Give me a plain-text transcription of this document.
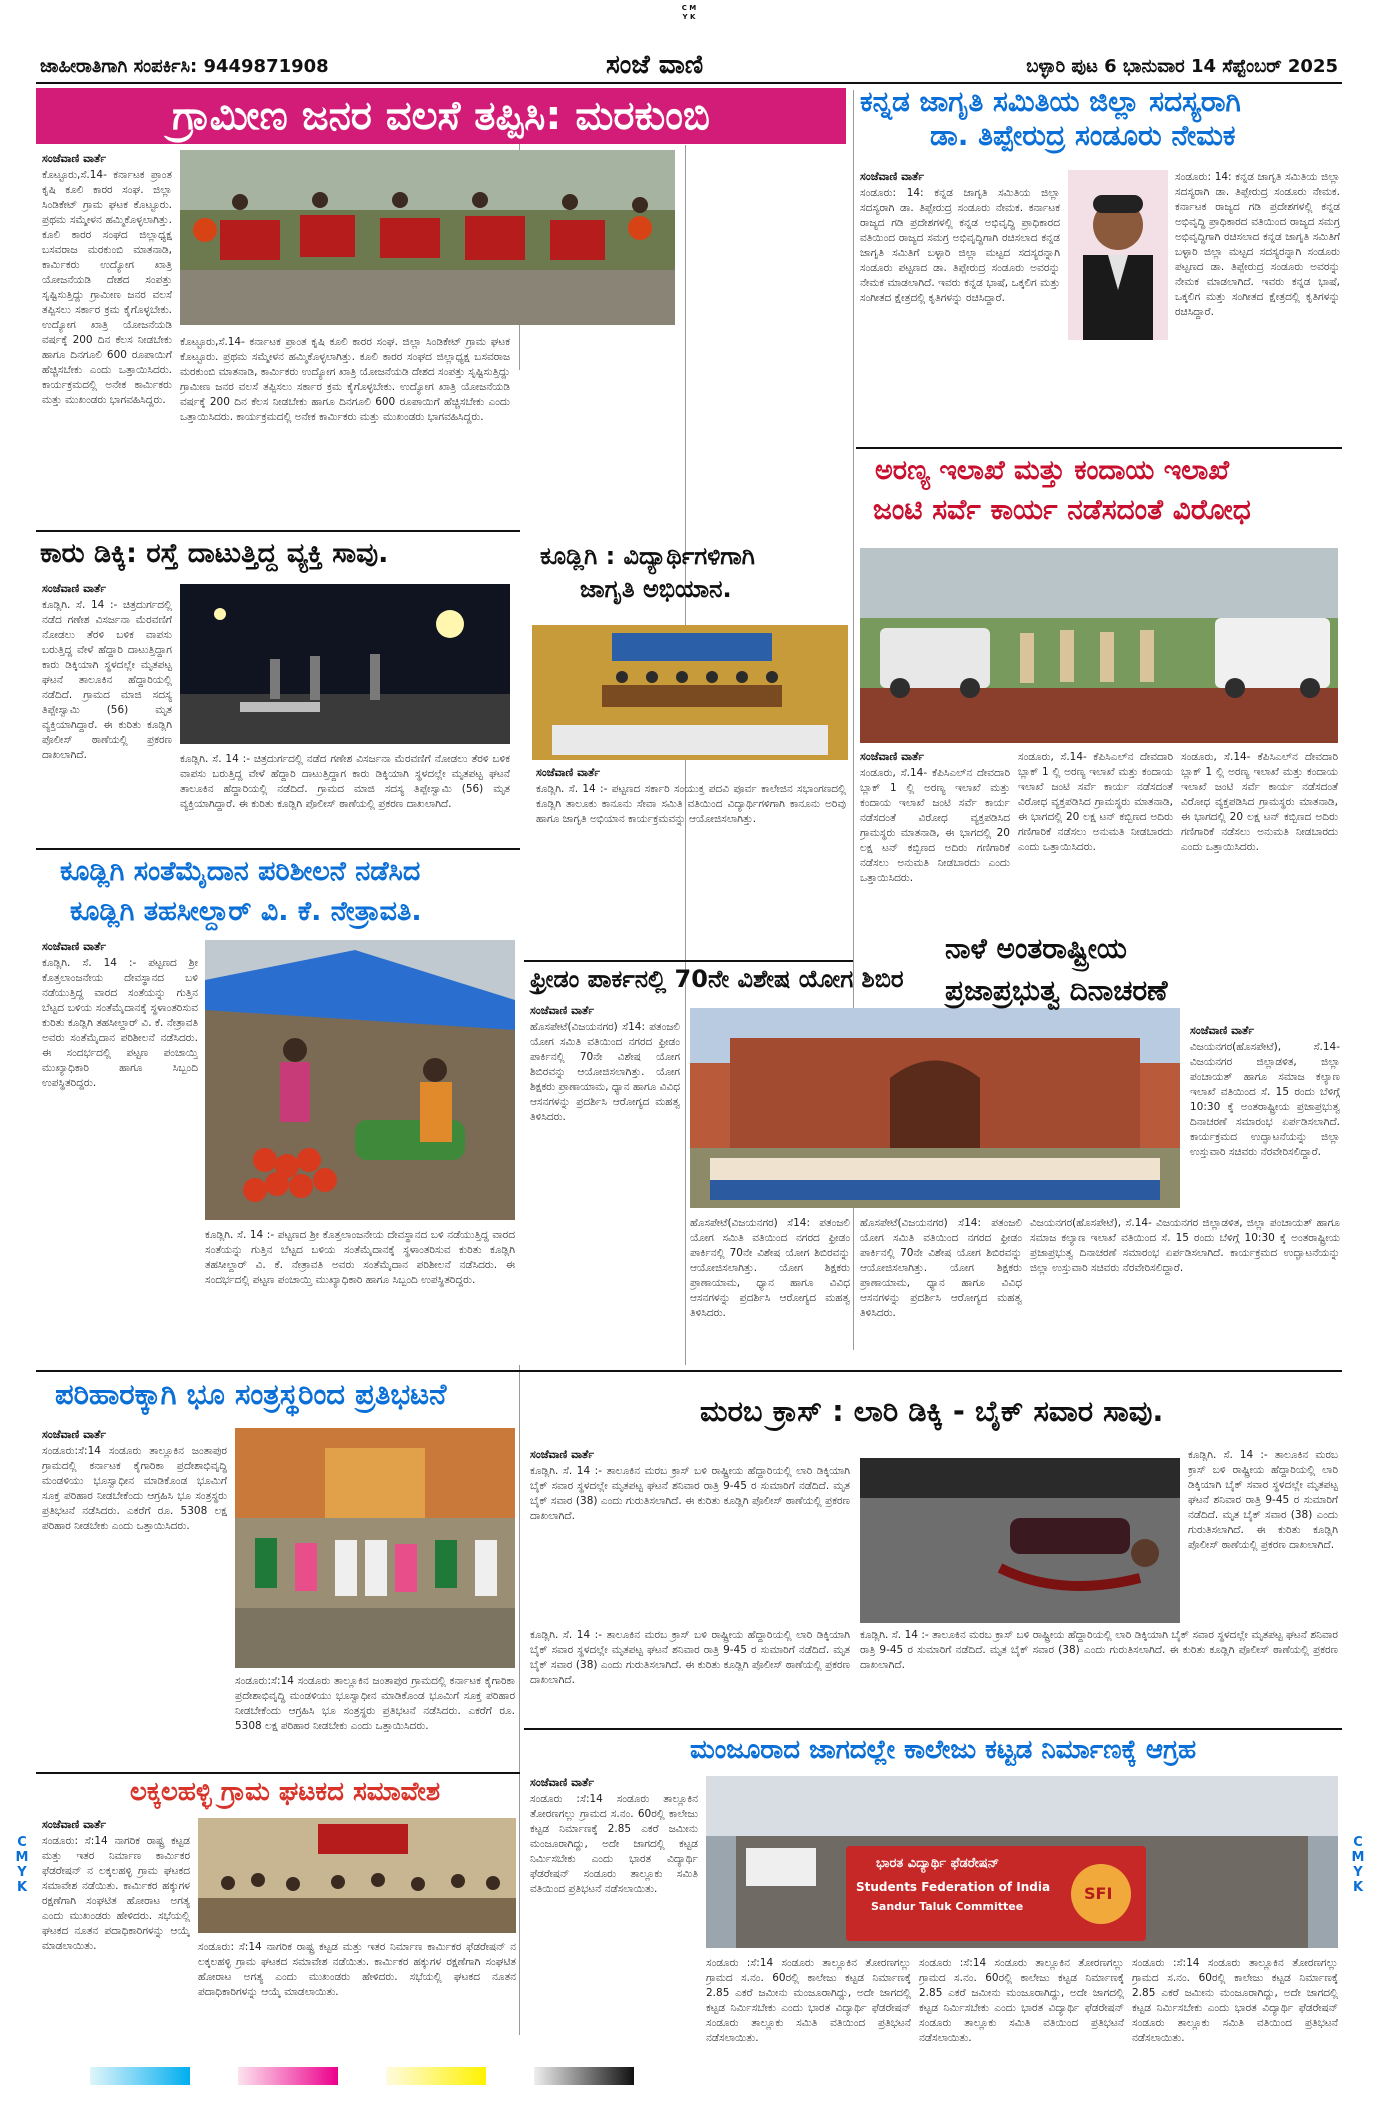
C M Y K
C M Y K
C M Y K
ಜಾಹೀರಾತಿಗಾಗಿ ಸಂಪರ್ಕಿಸಿ: 9449871908	ಸಂಜೆ ವಾಣಿ	ಬಳ್ಳಾರಿ ಪುಟ 6 ಭಾನುವಾರ 14 ಸೆಪ್ಟೆಂಬರ್ 2025
ಗ್ರಾಮೀಣ ಜನರ ವಲಸೆ ತಪ್ಪಿಸಿ: ಮರಕುಂಬಿ
ಸಂಜೆವಾಣಿ ವಾರ್ತೆ
ಕೊಟ್ಟೂರು,ಸೆ.14- ಕರ್ನಾಟಕ ಪ್ರಾಂತ ಕೃಷಿ ಕೂಲಿ ಕಾರರ ಸಂಘ. ಜಿಲ್ಲಾ ಸಿಂಡಿಕೇಟ್ ಗ್ರಾಮ ಘಟಕ ಕೊಟ್ಟೂರು. ಪ್ರಥಮ ಸಮ್ಮೇಳನ ಹಮ್ಮಿಕೊಳ್ಳಲಾಗಿತ್ತು. ಕೂಲಿ ಕಾರರ ಸಂಘದ ಜಿಲ್ಲಾಧ್ಯಕ್ಷ ಬಸವರಾಜ ಮರಕುಂಬಿ ಮಾತನಾಡಿ, ಕಾರ್ಮಿಕರು ಉದ್ಯೋಗ ಖಾತ್ರಿ ಯೋಜನೆಯಡಿ ದೇಶದ ಸಂಪತ್ತು ಸೃಷ್ಟಿಸುತ್ತಿದ್ದು ಗ್ರಾಮೀಣ ಜನರ ವಲಸೆ ತಪ್ಪಿಸಲು ಸರ್ಕಾರ ಕ್ರಮ ಕೈಗೊಳ್ಳಬೇಕು. ಉದ್ಯೋಗ ಖಾತ್ರಿ ಯೋಜನೆಯಡಿ ವರ್ಷಕ್ಕೆ 200 ದಿನ ಕೆಲಸ ನೀಡಬೇಕು ಹಾಗೂ ದಿನಗೂಲಿ 600 ರೂಪಾಯಿಗೆ ಹೆಚ್ಚಿಸಬೇಕು ಎಂದು ಒತ್ತಾಯಿಸಿದರು. ಕಾರ್ಯಕ್ರಮದಲ್ಲಿ ಅನೇಕ ಕಾರ್ಮಿಕರು ಮತ್ತು ಮುಖಂಡರು ಭಾಗವಹಿಸಿದ್ದರು.
ಕೊಟ್ಟೂರು,ಸೆ.14- ಕರ್ನಾಟಕ ಪ್ರಾಂತ ಕೃಷಿ ಕೂಲಿ ಕಾರರ ಸಂಘ. ಜಿಲ್ಲಾ ಸಿಂಡಿಕೇಟ್ ಗ್ರಾಮ ಘಟಕ ಕೊಟ್ಟೂರು. ಪ್ರಥಮ ಸಮ್ಮೇಳನ ಹಮ್ಮಿಕೊಳ್ಳಲಾಗಿತ್ತು. ಕೂಲಿ ಕಾರರ ಸಂಘದ ಜಿಲ್ಲಾಧ್ಯಕ್ಷ ಬಸವರಾಜ ಮರಕುಂಬಿ ಮಾತನಾಡಿ, ಕಾರ್ಮಿಕರು ಉದ್ಯೋಗ ಖಾತ್ರಿ ಯೋಜನೆಯಡಿ ದೇಶದ ಸಂಪತ್ತು ಸೃಷ್ಟಿಸುತ್ತಿದ್ದು ಗ್ರಾಮೀಣ ಜನರ ವಲಸೆ ತಪ್ಪಿಸಲು ಸರ್ಕಾರ ಕ್ರಮ ಕೈಗೊಳ್ಳಬೇಕು. ಉದ್ಯೋಗ ಖಾತ್ರಿ ಯೋಜನೆಯಡಿ ವರ್ಷಕ್ಕೆ 200 ದಿನ ಕೆಲಸ ನೀಡಬೇಕು ಹಾಗೂ ದಿನಗೂಲಿ 600 ರೂಪಾಯಿಗೆ ಹೆಚ್ಚಿಸಬೇಕು ಎಂದು ಒತ್ತಾಯಿಸಿದರು. ಕಾರ್ಯಕ್ರಮದಲ್ಲಿ ಅನೇಕ ಕಾರ್ಮಿಕರು ಮತ್ತು ಮುಖಂಡರು ಭಾಗವಹಿಸಿದ್ದರು.
ಕನ್ನಡ ಜಾಗೃತಿ ಸಮಿತಿಯ ಜಿಲ್ಲಾ ಸದಸ್ಯರಾಗಿ
ಡಾ. ತಿಪ್ಪೇರುದ್ರ ಸಂಡೂರು ನೇಮಕ
ಸಂಜೆವಾಣಿ ವಾರ್ತೆ
ಸಂಡೂರು: 14: ಕನ್ನಡ ಜಾಗೃತಿ ಸಮಿತಿಯ ಜಿಲ್ಲಾ ಸದಸ್ಯರಾಗಿ ಡಾ. ತಿಪ್ಪೇರುದ್ರ ಸಂಡೂರು ನೇಮಕ. ಕರ್ನಾಟಕ ರಾಜ್ಯದ ಗಡಿ ಪ್ರದೇಶಗಳಲ್ಲಿ ಕನ್ನಡ ಅಭಿವೃದ್ಧಿ ಪ್ರಾಧಿಕಾರದ ವತಿಯಿಂದ ರಾಜ್ಯದ ಸಮಗ್ರ ಅಭಿವೃದ್ಧಿಗಾಗಿ ರಚಿಸಲಾದ ಕನ್ನಡ ಜಾಗೃತಿ ಸಮಿತಿಗೆ ಬಳ್ಳಾರಿ ಜಿಲ್ಲಾ ಮಟ್ಟದ ಸದಸ್ಯರನ್ನಾಗಿ ಸಂಡೂರು ಪಟ್ಟಣದ ಡಾ. ತಿಪ್ಪೇರುದ್ರ ಸಂಡೂರು ಅವರನ್ನು ನೇಮಕ ಮಾಡಲಾಗಿದೆ. ಇವರು ಕನ್ನಡ ಭಾಷೆ, ಒಕ್ಕಲಿಗ ಮತ್ತು ಸಂಗೀತದ ಕ್ಷೇತ್ರದಲ್ಲಿ ಕೃತಿಗಳನ್ನು ರಚಿಸಿದ್ದಾರೆ.
ಸಂಡೂರು: 14: ಕನ್ನಡ ಜಾಗೃತಿ ಸಮಿತಿಯ ಜಿಲ್ಲಾ ಸದಸ್ಯರಾಗಿ ಡಾ. ತಿಪ್ಪೇರುದ್ರ ಸಂಡೂರು ನೇಮಕ. ಕರ್ನಾಟಕ ರಾಜ್ಯದ ಗಡಿ ಪ್ರದೇಶಗಳಲ್ಲಿ ಕನ್ನಡ ಅಭಿವೃದ್ಧಿ ಪ್ರಾಧಿಕಾರದ ವತಿಯಿಂದ ರಾಜ್ಯದ ಸಮಗ್ರ ಅಭಿವೃದ್ಧಿಗಾಗಿ ರಚಿಸಲಾದ ಕನ್ನಡ ಜಾಗೃತಿ ಸಮಿತಿಗೆ ಬಳ್ಳಾರಿ ಜಿಲ್ಲಾ ಮಟ್ಟದ ಸದಸ್ಯರನ್ನಾಗಿ ಸಂಡೂರು ಪಟ್ಟಣದ ಡಾ. ತಿಪ್ಪೇರುದ್ರ ಸಂಡೂರು ಅವರನ್ನು ನೇಮಕ ಮಾಡಲಾಗಿದೆ. ಇವರು ಕನ್ನಡ ಭಾಷೆ, ಒಕ್ಕಲಿಗ ಮತ್ತು ಸಂಗೀತದ ಕ್ಷೇತ್ರದಲ್ಲಿ ಕೃತಿಗಳನ್ನು ರಚಿಸಿದ್ದಾರೆ.
ಕಾರು ಡಿಕ್ಕಿ: ರಸ್ತೆ ದಾಟುತ್ತಿದ್ದ ವ್ಯಕ್ತಿ ಸಾವು.
ಸಂಜೆವಾಣಿ ವಾರ್ತೆ
ಕೂಡ್ಲಿಗಿ. ಸೆ. 14 :- ಚಿತ್ರದುರ್ಗದಲ್ಲಿ ನಡೆದ ಗಣೇಶ ವಿಸರ್ಜನಾ ಮೆರವಣಿಗೆ ನೋಡಲು ತೆರಳಿ ಬಳಿಕ ವಾಪಸು ಬರುತ್ತಿದ್ದ ವೇಳೆ ಹೆದ್ದಾರಿ ದಾಟುತ್ತಿದ್ದಾಗ ಕಾರು ಡಿಕ್ಕಿಯಾಗಿ ಸ್ಥಳದಲ್ಲೇ ಮೃತಪಟ್ಟ ಘಟನೆ ತಾಲೂಕಿನ ಹೆದ್ದಾರಿಯಲ್ಲಿ ನಡೆದಿದೆ. ಗ್ರಾಮದ ಮಾಜಿ ಸದಸ್ಯ ತಿಪ್ಪೇಸ್ವಾಮಿ (56) ಮೃತ ವ್ಯಕ್ತಿಯಾಗಿದ್ದಾರೆ. ಈ ಕುರಿತು ಕೂಡ್ಲಿಗಿ ಪೊಲೀಸ್ ಠಾಣೆಯಲ್ಲಿ ಪ್ರಕರಣ ದಾಖಲಾಗಿದೆ.	ಕೂಡ್ಲಿಗಿ. ಸೆ. 14 :- ಚಿತ್ರದುರ್ಗದಲ್ಲಿ ನಡೆದ ಗಣೇಶ ವಿಸರ್ಜನಾ ಮೆರವಣಿಗೆ ನೋಡಲು ತೆರಳಿ ಬಳಿಕ ವಾಪಸು ಬರುತ್ತಿದ್ದ ವೇಳೆ ಹೆದ್ದಾರಿ ದಾಟುತ್ತಿದ್ದಾಗ ಕಾರು ಡಿಕ್ಕಿಯಾಗಿ ಸ್ಥಳದಲ್ಲೇ ಮೃತಪಟ್ಟ ಘಟನೆ ತಾಲೂಕಿನ ಹೆದ್ದಾರಿಯಲ್ಲಿ ನಡೆದಿದೆ. ಗ್ರಾಮದ ಮಾಜಿ ಸದಸ್ಯ ತಿಪ್ಪೇಸ್ವಾಮಿ (56) ಮೃತ ವ್ಯಕ್ತಿಯಾಗಿದ್ದಾರೆ. ಈ ಕುರಿತು ಕೂಡ್ಲಿಗಿ ಪೊಲೀಸ್ ಠಾಣೆಯಲ್ಲಿ ಪ್ರಕರಣ ದಾಖಲಾಗಿದೆ.
ಕೂಡ್ಲಿಗಿ : ವಿದ್ಯಾರ್ಥಿಗಳಿಗಾಗಿ
ಜಾಗೃತಿ ಅಭಿಯಾನ.
ಸಂಜೆವಾಣಿ ವಾರ್ತೆ
ಕೂಡ್ಲಿಗಿ. ಸೆ. 14 :- ಪಟ್ಟಣದ ಸರ್ಕಾರಿ ಸಂಯುಕ್ತ ಪದವಿ ಪೂರ್ವ ಕಾಲೇಜಿನ ಸಭಾಂಗಣದಲ್ಲಿ ಕೂಡ್ಲಿಗಿ ತಾಲೂಕು ಕಾನೂನು ಸೇವಾ ಸಮಿತಿ ವತಿಯಿಂದ ವಿದ್ಯಾರ್ಥಿಗಳಿಗಾಗಿ ಕಾನೂನು ಅರಿವು ಹಾಗೂ ಜಾಗೃತಿ ಅಭಿಯಾನ ಕಾರ್ಯಕ್ರಮವನ್ನು ಆಯೋಜಿಸಲಾಗಿತ್ತು.
ಅರಣ್ಯ ಇಲಾಖೆ ಮತ್ತು ಕಂದಾಯ ಇಲಾಖೆ
ಜಂಟಿ ಸರ್ವೆ ಕಾರ್ಯ ನಡೆಸದಂತೆ ವಿರೋಧ
ಸಂಜೆವಾಣಿ ವಾರ್ತೆ
ಸಂಡೂರು, ಸೆ.14- ಕೆಪಿಸಿಎಲ್‌ನ ದೇವದಾರಿ ಬ್ಲಾಕ್ 1 ಲ್ಲಿ ಅರಣ್ಯ ಇಲಾಖೆ ಮತ್ತು ಕಂದಾಯ ಇಲಾಖೆ ಜಂಟಿ ಸರ್ವೆ ಕಾರ್ಯ ನಡೆಸದಂತೆ ವಿರೋಧ ವ್ಯಕ್ತಪಡಿಸಿದ ಗ್ರಾಮಸ್ಥರು ಮಾತನಾಡಿ, ಈ ಭಾಗದಲ್ಲಿ 20 ಲಕ್ಷ ಟನ್ ಕಬ್ಬಿಣದ ಅದಿರು ಗಣಿಗಾರಿಕೆ ನಡೆಸಲು ಅನುಮತಿ ನೀಡಬಾರದು ಎಂದು ಒತ್ತಾಯಿಸಿದರು.
ಸಂಡೂರು, ಸೆ.14- ಕೆಪಿಸಿಎಲ್‌ನ ದೇವದಾರಿ ಬ್ಲಾಕ್ 1 ಲ್ಲಿ ಅರಣ್ಯ ಇಲಾಖೆ ಮತ್ತು ಕಂದಾಯ ಇಲಾಖೆ ಜಂಟಿ ಸರ್ವೆ ಕಾರ್ಯ ನಡೆಸದಂತೆ ವಿರೋಧ ವ್ಯಕ್ತಪಡಿಸಿದ ಗ್ರಾಮಸ್ಥರು ಮಾತನಾಡಿ, ಈ ಭಾಗದಲ್ಲಿ 20 ಲಕ್ಷ ಟನ್ ಕಬ್ಬಿಣದ ಅದಿರು ಗಣಿಗಾರಿಕೆ ನಡೆಸಲು ಅನುಮತಿ ನೀಡಬಾರದು ಎಂದು ಒತ್ತಾಯಿಸಿದರು.
ಸಂಡೂರು, ಸೆ.14- ಕೆಪಿಸಿಎಲ್‌ನ ದೇವದಾರಿ ಬ್ಲಾಕ್ 1 ಲ್ಲಿ ಅರಣ್ಯ ಇಲಾಖೆ ಮತ್ತು ಕಂದಾಯ ಇಲಾಖೆ ಜಂಟಿ ಸರ್ವೆ ಕಾರ್ಯ ನಡೆಸದಂತೆ ವಿರೋಧ ವ್ಯಕ್ತಪಡಿಸಿದ ಗ್ರಾಮಸ್ಥರು ಮಾತನಾಡಿ, ಈ ಭಾಗದಲ್ಲಿ 20 ಲಕ್ಷ ಟನ್ ಕಬ್ಬಿಣದ ಅದಿರು ಗಣಿಗಾರಿಕೆ ನಡೆಸಲು ಅನುಮತಿ ನೀಡಬಾರದು ಎಂದು ಒತ್ತಾಯಿಸಿದರು.
ಕೂಡ್ಲಿಗಿ ಸಂತೆಮೈದಾನ ಪರಿಶೀಲನೆ ನಡೆಸಿದ
ಕೂಡ್ಲಿಗಿ ತಹಸೀಲ್ದಾರ್ ವಿ. ಕೆ. ನೇತ್ರಾವತಿ.
ಸಂಜೆವಾಣಿ ವಾರ್ತೆ
ಕೂಡ್ಲಿಗಿ. ಸೆ. 14 :- ಪಟ್ಟಣದ ಶ್ರೀ ಕೊತ್ತಲಾಂಜನೇಯ ದೇವಸ್ಥಾನದ ಬಳಿ ನಡೆಯುತ್ತಿದ್ದ ವಾರದ ಸಂತೆಯನ್ನು ಗುತ್ತಿನ ಬೆಟ್ಟದ ಬಳಿಯ ಸಂತೆಮೈದಾನಕ್ಕೆ ಸ್ಥಳಾಂತರಿಸುವ ಕುರಿತು ಕೂಡ್ಲಿಗಿ ತಹಸೀಲ್ದಾರ್ ವಿ. ಕೆ. ನೇತ್ರಾವತಿ ಅವರು ಸಂತೆಮೈದಾನ ಪರಿಶೀಲನೆ ನಡೆಸಿದರು. ಈ ಸಂದರ್ಭದಲ್ಲಿ ಪಟ್ಟಣ ಪಂಚಾಯ್ತಿ ಮುಖ್ಯಾಧಿಕಾರಿ ಹಾಗೂ ಸಿಬ್ಬಂದಿ ಉಪಸ್ಥಿತರಿದ್ದರು.
ಕೂಡ್ಲಿಗಿ. ಸೆ. 14 :- ಪಟ್ಟಣದ ಶ್ರೀ ಕೊತ್ತಲಾಂಜನೇಯ ದೇವಸ್ಥಾನದ ಬಳಿ ನಡೆಯುತ್ತಿದ್ದ ವಾರದ ಸಂತೆಯನ್ನು ಗುತ್ತಿನ ಬೆಟ್ಟದ ಬಳಿಯ ಸಂತೆಮೈದಾನಕ್ಕೆ ಸ್ಥಳಾಂತರಿಸುವ ಕುರಿತು ಕೂಡ್ಲಿಗಿ ತಹಸೀಲ್ದಾರ್ ವಿ. ಕೆ. ನೇತ್ರಾವತಿ ಅವರು ಸಂತೆಮೈದಾನ ಪರಿಶೀಲನೆ ನಡೆಸಿದರು. ಈ ಸಂದರ್ಭದಲ್ಲಿ ಪಟ್ಟಣ ಪಂಚಾಯ್ತಿ ಮುಖ್ಯಾಧಿಕಾರಿ ಹಾಗೂ ಸಿಬ್ಬಂದಿ ಉಪಸ್ಥಿತರಿದ್ದರು.
ಫ್ರೀಡಂ ಪಾರ್ಕನಲ್ಲಿ 70ನೇ ವಿಶೇಷ ಯೋಗ ಶಿಬಿರ
ಸಂಜೆವಾಣಿ ವಾರ್ತೆ
ಹೊಸಪೇಟೆ(ವಿಜಯನಗರ) ಸೆ14: ಪತಂಜಲಿ ಯೋಗ ಸಮಿತಿ ವತಿಯಿಂದ ನಗರದ ಫ್ರೀಡಂ ಪಾರ್ಕಿನಲ್ಲಿ 70ನೇ ವಿಶೇಷ ಯೋಗ ಶಿಬಿರವನ್ನು ಆಯೋಜಿಸಲಾಗಿತ್ತು. ಯೋಗ ಶಿಕ್ಷಕರು ಪ್ರಾಣಾಯಾಮ, ಧ್ಯಾನ ಹಾಗೂ ವಿವಿಧ ಆಸನಗಳನ್ನು ಪ್ರದರ್ಶಿಸಿ ಆರೋಗ್ಯದ ಮಹತ್ವ ತಿಳಿಸಿದರು.
ಹೊಸಪೇಟೆ(ವಿಜಯನಗರ) ಸೆ14: ಪತಂಜಲಿ ಯೋಗ ಸಮಿತಿ ವತಿಯಿಂದ ನಗರದ ಫ್ರೀಡಂ ಪಾರ್ಕಿನಲ್ಲಿ 70ನೇ ವಿಶೇಷ ಯೋಗ ಶಿಬಿರವನ್ನು ಆಯೋಜಿಸಲಾಗಿತ್ತು. ಯೋಗ ಶಿಕ್ಷಕರು ಪ್ರಾಣಾಯಾಮ, ಧ್ಯಾನ ಹಾಗೂ ವಿವಿಧ ಆಸನಗಳನ್ನು ಪ್ರದರ್ಶಿಸಿ ಆರೋಗ್ಯದ ಮಹತ್ವ ತಿಳಿಸಿದರು.
ಹೊಸಪೇಟೆ(ವಿಜಯನಗರ) ಸೆ14: ಪತಂಜಲಿ ಯೋಗ ಸಮಿತಿ ವತಿಯಿಂದ ನಗರದ ಫ್ರೀಡಂ ಪಾರ್ಕಿನಲ್ಲಿ 70ನೇ ವಿಶೇಷ ಯೋಗ ಶಿಬಿರವನ್ನು ಆಯೋಜಿಸಲಾಗಿತ್ತು. ಯೋಗ ಶಿಕ್ಷಕರು ಪ್ರಾಣಾಯಾಮ, ಧ್ಯಾನ ಹಾಗೂ ವಿವಿಧ ಆಸನಗಳನ್ನು ಪ್ರದರ್ಶಿಸಿ ಆರೋಗ್ಯದ ಮಹತ್ವ ತಿಳಿಸಿದರು.
ನಾಳೆ ಅಂತರಾಷ್ಟ್ರೀಯ
ಪ್ರಜಾಪ್ರಭುತ್ವ ದಿನಾಚರಣೆ
ಸಂಜೆವಾಣಿ ವಾರ್ತೆ
ವಿಜಯನಗರ(ಹೊಸಪೇಟೆ), ಸೆ.14- ವಿಜಯನಗರ ಜಿಲ್ಲಾಡಳಿತ, ಜಿಲ್ಲಾ ಪಂಚಾಯತ್ ಹಾಗೂ ಸಮಾಜ ಕಲ್ಯಾಣ ಇಲಾಖೆ ವತಿಯಿಂದ ಸೆ. 15 ರಂದು ಬೆಳಿಗ್ಗೆ 10:30 ಕ್ಕೆ ಅಂತರಾಷ್ಟ್ರೀಯ ಪ್ರಜಾಪ್ರಭುತ್ವ ದಿನಾಚರಣೆ ಸಮಾರಂಭ ಏರ್ಪಡಿಸಲಾಗಿದೆ. ಕಾರ್ಯಕ್ರಮದ ಉದ್ಘಾಟನೆಯನ್ನು ಜಿಲ್ಲಾ ಉಸ್ತುವಾರಿ ಸಚಿವರು ನೆರವೇರಿಸಲಿದ್ದಾರೆ.
ವಿಜಯನಗರ(ಹೊಸಪೇಟೆ), ಸೆ.14- ವಿಜಯನಗರ ಜಿಲ್ಲಾಡಳಿತ, ಜಿಲ್ಲಾ ಪಂಚಾಯತ್ ಹಾಗೂ ಸಮಾಜ ಕಲ್ಯಾಣ ಇಲಾಖೆ ವತಿಯಿಂದ ಸೆ. 15 ರಂದು ಬೆಳಿಗ್ಗೆ 10:30 ಕ್ಕೆ ಅಂತರಾಷ್ಟ್ರೀಯ ಪ್ರಜಾಪ್ರಭುತ್ವ ದಿನಾಚರಣೆ ಸಮಾರಂಭ ಏರ್ಪಡಿಸಲಾಗಿದೆ. ಕಾರ್ಯಕ್ರಮದ ಉದ್ಘಾಟನೆಯನ್ನು ಜಿಲ್ಲಾ ಉಸ್ತುವಾರಿ ಸಚಿವರು ನೆರವೇರಿಸಲಿದ್ದಾರೆ.
ಪರಿಹಾರಕ್ಕಾಗಿ ಭೂ ಸಂತ್ರಸ್ಥರಿಂದ ಪ್ರತಿಭಟನೆ
ಸಂಜೆವಾಣಿ ವಾರ್ತೆ
ಸಂಡೂರು:ಸೆ:14 ಸಂಡೂರು ತಾಲ್ಲೂಕಿನ ಜಂತಾಪುರ ಗ್ರಾಮದಲ್ಲಿ ಕರ್ನಾಟಕ ಕೈಗಾರಿಕಾ ಪ್ರದೇಶಾಭಿವೃದ್ಧಿ ಮಂಡಳಿಯು ಭೂಸ್ವಾಧೀನ ಮಾಡಿಕೊಂಡ ಭೂಮಿಗೆ ಸೂಕ್ತ ಪರಿಹಾರ ನೀಡಬೇಕೆಂದು ಆಗ್ರಹಿಸಿ ಭೂ ಸಂತ್ರಸ್ಥರು ಪ್ರತಿಭಟನೆ ನಡೆಸಿದರು. ಎಕರೆಗೆ ರೂ. 5308 ಲಕ್ಷ ಪರಿಹಾರ ನೀಡಬೇಕು ಎಂದು ಒತ್ತಾಯಿಸಿದರು.
ಸಂಡೂರು:ಸೆ:14 ಸಂಡೂರು ತಾಲ್ಲೂಕಿನ ಜಂತಾಪುರ ಗ್ರಾಮದಲ್ಲಿ ಕರ್ನಾಟಕ ಕೈಗಾರಿಕಾ ಪ್ರದೇಶಾಭಿವೃದ್ಧಿ ಮಂಡಳಿಯು ಭೂಸ್ವಾಧೀನ ಮಾಡಿಕೊಂಡ ಭೂಮಿಗೆ ಸೂಕ್ತ ಪರಿಹಾರ ನೀಡಬೇಕೆಂದು ಆಗ್ರಹಿಸಿ ಭೂ ಸಂತ್ರಸ್ಥರು ಪ್ರತಿಭಟನೆ ನಡೆಸಿದರು. ಎಕರೆಗೆ ರೂ. 5308 ಲಕ್ಷ ಪರಿಹಾರ ನೀಡಬೇಕು ಎಂದು ಒತ್ತಾಯಿಸಿದರು.
ಮರಬ ಕ್ರಾಸ್ : ಲಾರಿ ಡಿಕ್ಕಿ - ಬೈಕ್ ಸವಾರ ಸಾವು.
ಸಂಜೆವಾಣಿ ವಾರ್ತೆ
ಕೂಡ್ಲಿಗಿ. ಸೆ. 14 :- ತಾಲೂಕಿನ ಮರಬ ಕ್ರಾಸ್ ಬಳಿ ರಾಷ್ಟ್ರೀಯ ಹೆದ್ದಾರಿಯಲ್ಲಿ ಲಾರಿ ಡಿಕ್ಕಿಯಾಗಿ ಬೈಕ್ ಸವಾರ ಸ್ಥಳದಲ್ಲೇ ಮೃತಪಟ್ಟ ಘಟನೆ ಶನಿವಾರ ರಾತ್ರಿ 9-45 ರ ಸುಮಾರಿಗೆ ನಡೆದಿದೆ. ಮೃತ ಬೈಕ್ ಸವಾರ (38) ಎಂದು ಗುರುತಿಸಲಾಗಿದೆ. ಈ ಕುರಿತು ಕೂಡ್ಲಿಗಿ ಪೊಲೀಸ್ ಠಾಣೆಯಲ್ಲಿ ಪ್ರಕರಣ ದಾಖಲಾಗಿದೆ.
ಕೂಡ್ಲಿಗಿ. ಸೆ. 14 :- ತಾಲೂಕಿನ ಮರಬ ಕ್ರಾಸ್ ಬಳಿ ರಾಷ್ಟ್ರೀಯ ಹೆದ್ದಾರಿಯಲ್ಲಿ ಲಾರಿ ಡಿಕ್ಕಿಯಾಗಿ ಬೈಕ್ ಸವಾರ ಸ್ಥಳದಲ್ಲೇ ಮೃತಪಟ್ಟ ಘಟನೆ ಶನಿವಾರ ರಾತ್ರಿ 9-45 ರ ಸುಮಾರಿಗೆ ನಡೆದಿದೆ. ಮೃತ ಬೈಕ್ ಸವಾರ (38) ಎಂದು ಗುರುತಿಸಲಾಗಿದೆ. ಈ ಕುರಿತು ಕೂಡ್ಲಿಗಿ ಪೊಲೀಸ್ ಠಾಣೆಯಲ್ಲಿ ಪ್ರಕರಣ ದಾಖಲಾಗಿದೆ.
ಕೂಡ್ಲಿಗಿ. ಸೆ. 14 :- ತಾಲೂಕಿನ ಮರಬ ಕ್ರಾಸ್ ಬಳಿ ರಾಷ್ಟ್ರೀಯ ಹೆದ್ದಾರಿಯಲ್ಲಿ ಲಾರಿ ಡಿಕ್ಕಿಯಾಗಿ ಬೈಕ್ ಸವಾರ ಸ್ಥಳದಲ್ಲೇ ಮೃತಪಟ್ಟ ಘಟನೆ ಶನಿವಾರ ರಾತ್ರಿ 9-45 ರ ಸುಮಾರಿಗೆ ನಡೆದಿದೆ. ಮೃತ ಬೈಕ್ ಸವಾರ (38) ಎಂದು ಗುರುತಿಸಲಾಗಿದೆ. ಈ ಕುರಿತು ಕೂಡ್ಲಿಗಿ ಪೊಲೀಸ್ ಠಾಣೆಯಲ್ಲಿ ಪ್ರಕರಣ ದಾಖಲಾಗಿದೆ.
ಕೂಡ್ಲಿಗಿ. ಸೆ. 14 :- ತಾಲೂಕಿನ ಮರಬ ಕ್ರಾಸ್ ಬಳಿ ರಾಷ್ಟ್ರೀಯ ಹೆದ್ದಾರಿಯಲ್ಲಿ ಲಾರಿ ಡಿಕ್ಕಿಯಾಗಿ ಬೈಕ್ ಸವಾರ ಸ್ಥಳದಲ್ಲೇ ಮೃತಪಟ್ಟ ಘಟನೆ ಶನಿವಾರ ರಾತ್ರಿ 9-45 ರ ಸುಮಾರಿಗೆ ನಡೆದಿದೆ. ಮೃತ ಬೈಕ್ ಸವಾರ (38) ಎಂದು ಗುರುತಿಸಲಾಗಿದೆ. ಈ ಕುರಿತು ಕೂಡ್ಲಿಗಿ ಪೊಲೀಸ್ ಠಾಣೆಯಲ್ಲಿ ಪ್ರಕರಣ ದಾಖಲಾಗಿದೆ.
ಲಕ್ಕಲಹಳ್ಳಿ ಗ್ರಾಮ ಘಟಕದ ಸಮಾವೇಶ
ಸಂಜೆವಾಣಿ ವಾರ್ತೆ
ಸಂಡೂರು: ಸೆ:14 ನಾಗರಿಕ ರಾಷ್ಟ್ರ ಕಟ್ಟಡ ಮತ್ತು ಇತರ ನಿರ್ಮಾಣ ಕಾರ್ಮಿಕರ ಫೆಡರೇಷನ್ ನ ಲಕ್ಕಲಹಳ್ಳಿ ಗ್ರಾಮ ಘಟಕದ ಸಮಾವೇಶ ನಡೆಯಿತು. ಕಾರ್ಮಿಕರ ಹಕ್ಕುಗಳ ರಕ್ಷಣೆಗಾಗಿ ಸಂಘಟಿತ ಹೋರಾಟ ಅಗತ್ಯ ಎಂದು ಮುಖಂಡರು ಹೇಳಿದರು. ಸಭೆಯಲ್ಲಿ ಘಟಕದ ನೂತನ ಪದಾಧಿಕಾರಿಗಳನ್ನು ಆಯ್ಕೆ ಮಾಡಲಾಯಿತು.	ಸಂಡೂರು: ಸೆ:14 ನಾಗರಿಕ ರಾಷ್ಟ್ರ ಕಟ್ಟಡ ಮತ್ತು ಇತರ ನಿರ್ಮಾಣ ಕಾರ್ಮಿಕರ ಫೆಡರೇಷನ್ ನ ಲಕ್ಕಲಹಳ್ಳಿ ಗ್ರಾಮ ಘಟಕದ ಸಮಾವೇಶ ನಡೆಯಿತು. ಕಾರ್ಮಿಕರ ಹಕ್ಕುಗಳ ರಕ್ಷಣೆಗಾಗಿ ಸಂಘಟಿತ ಹೋರಾಟ ಅಗತ್ಯ ಎಂದು ಮುಖಂಡರು ಹೇಳಿದರು. ಸಭೆಯಲ್ಲಿ ಘಟಕದ ನೂತನ ಪದಾಧಿಕಾರಿಗಳನ್ನು ಆಯ್ಕೆ ಮಾಡಲಾಯಿತು.
ಮಂಜೂರಾದ ಜಾಗದಲ್ಲೇ ಕಾಲೇಜು ಕಟ್ಟಡ ನಿರ್ಮಾಣಕ್ಕೆ ಆಗ್ರಹ
ಸಂಜೆವಾಣಿ ವಾರ್ತೆ
ಸಂಡೂರು :ಸೆ:14 ಸಂಡೂರು ತಾಲ್ಲೂಕಿನ ತೋರಣಗಲ್ಲು ಗ್ರಾಮದ ಸ.ನಂ. 60ರಲ್ಲಿ ಕಾಲೇಜು ಕಟ್ಟಡ ನಿರ್ಮಾಣಕ್ಕೆ 2.85 ಎಕರೆ ಜಮೀನು ಮಂಜೂರಾಗಿದ್ದು, ಅದೇ ಜಾಗದಲ್ಲಿ ಕಟ್ಟಡ ನಿರ್ಮಿಸಬೇಕು ಎಂದು ಭಾರತ ವಿದ್ಯಾರ್ಥಿ ಫೆಡರೇಷನ್ ಸಂಡೂರು ತಾಲ್ಲೂಕು ಸಮಿತಿ ವತಿಯಿಂದ ಪ್ರತಿಭಟನೆ ನಡೆಸಲಾಯಿತು.
ಭಾರತ ವಿದ್ಯಾರ್ಥಿ ಫೆಡರೇಷನ್
Students Federation of India
Sandur Taluk Committee
SFI
ಸಂಡೂರು :ಸೆ:14 ಸಂಡೂರು ತಾಲ್ಲೂಕಿನ ತೋರಣಗಲ್ಲು ಗ್ರಾಮದ ಸ.ನಂ. 60ರಲ್ಲಿ ಕಾಲೇಜು ಕಟ್ಟಡ ನಿರ್ಮಾಣಕ್ಕೆ 2.85 ಎಕರೆ ಜಮೀನು ಮಂಜೂರಾಗಿದ್ದು, ಅದೇ ಜಾಗದಲ್ಲಿ ಕಟ್ಟಡ ನಿರ್ಮಿಸಬೇಕು ಎಂದು ಭಾರತ ವಿದ್ಯಾರ್ಥಿ ಫೆಡರೇಷನ್ ಸಂಡೂರು ತಾಲ್ಲೂಕು ಸಮಿತಿ ವತಿಯಿಂದ ಪ್ರತಿಭಟನೆ ನಡೆಸಲಾಯಿತು.
ಸಂಡೂರು :ಸೆ:14 ಸಂಡೂರು ತಾಲ್ಲೂಕಿನ ತೋರಣಗಲ್ಲು ಗ್ರಾಮದ ಸ.ನಂ. 60ರಲ್ಲಿ ಕಾಲೇಜು ಕಟ್ಟಡ ನಿರ್ಮಾಣಕ್ಕೆ 2.85 ಎಕರೆ ಜಮೀನು ಮಂಜೂರಾಗಿದ್ದು, ಅದೇ ಜಾಗದಲ್ಲಿ ಕಟ್ಟಡ ನಿರ್ಮಿಸಬೇಕು ಎಂದು ಭಾರತ ವಿದ್ಯಾರ್ಥಿ ಫೆಡರೇಷನ್ ಸಂಡೂರು ತಾಲ್ಲೂಕು ಸಮಿತಿ ವತಿಯಿಂದ ಪ್ರತಿಭಟನೆ ನಡೆಸಲಾಯಿತು.
ಸಂಡೂರು :ಸೆ:14 ಸಂಡೂರು ತಾಲ್ಲೂಕಿನ ತೋರಣಗಲ್ಲು ಗ್ರಾಮದ ಸ.ನಂ. 60ರಲ್ಲಿ ಕಾಲೇಜು ಕಟ್ಟಡ ನಿರ್ಮಾಣಕ್ಕೆ 2.85 ಎಕರೆ ಜಮೀನು ಮಂಜೂರಾಗಿದ್ದು, ಅದೇ ಜಾಗದಲ್ಲಿ ಕಟ್ಟಡ ನಿರ್ಮಿಸಬೇಕು ಎಂದು ಭಾರತ ವಿದ್ಯಾರ್ಥಿ ಫೆಡರೇಷನ್ ಸಂಡೂರು ತಾಲ್ಲೂಕು ಸಮಿತಿ ವತಿಯಿಂದ ಪ್ರತಿಭಟನೆ ನಡೆಸಲಾಯಿತು.
